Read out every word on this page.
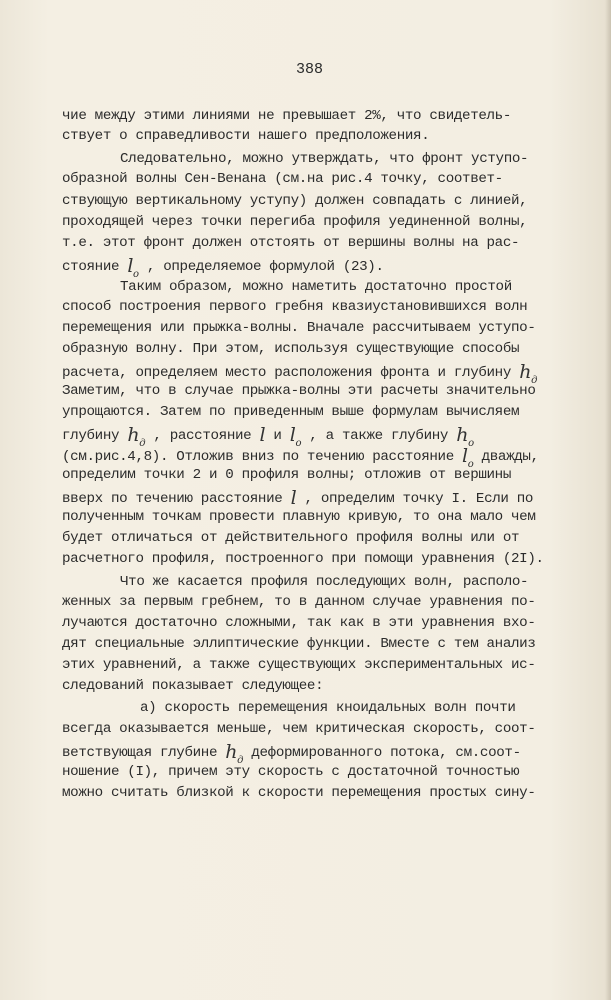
388
чие между этими линиями не превышает 2%, что свидетель-
ствует о справедливости нашего предположения.
Следовательно, можно утверждать, что фронт уступо-
образной волны Сен-Венана (см.на рис.4 точку, соответ-
ствующую вертикальному уступу) должен совпадать с линией,
проходящей через точки перегиба профиля уединенной волны,
т.е. этот фронт должен отстоять от вершины волны на рас-
стояние $l_o$ , определяемое формулой (23).
Таким образом, можно наметить достаточно простой
способ построения первого гребня квазиустановившихся волн
перемещения или прыжка-волны. Вначале рассчитываем уступо-
образную волну. При этом, используя существующие способы
расчета, определяем место расположения фронта и глубину $h_д$
Заметим, что в случае прыжка-волны эти расчеты значительно
упрощаются. Затем по приведенным выше формулам вычисляем
глубину $h_д$ , расстояние l и $l_o$ , а также глубину $h_o$
(см.рис.4,8). Отложив вниз по течению расстояние $l_o$ дважды,
определим точки 2 и 0 профиля волны; отложив от вершины
вверх по течению расстояние l , определим точку I. Если по
полученным точкам провести плавную кривую, то она мало чем
будет отличаться от действительного профиля волны или от
расчетного профиля, построенного при помощи уравнения (2I).
Что же касается профиля последующих волн, располо-
женных за первым гребнем, то в данном случае уравнения по-
лучаются достаточно сложными, так как в эти уравнения вхо-
дят специальные эллиптические функции. Вместе с тем анализ
этих уравнений, а также существующих экспериментальных ис-
следований показывает следующее:
а) скорость перемещения кноидальных волн почти
всегда оказывается меньше, чем критическая скорость, соот-
ветствующая глубине $h_д$ деформированного потока, см.соот-
ношение (I), причем эту скорость с достаточной точностью
можно считать близкой к скорости перемещения простых сину-
